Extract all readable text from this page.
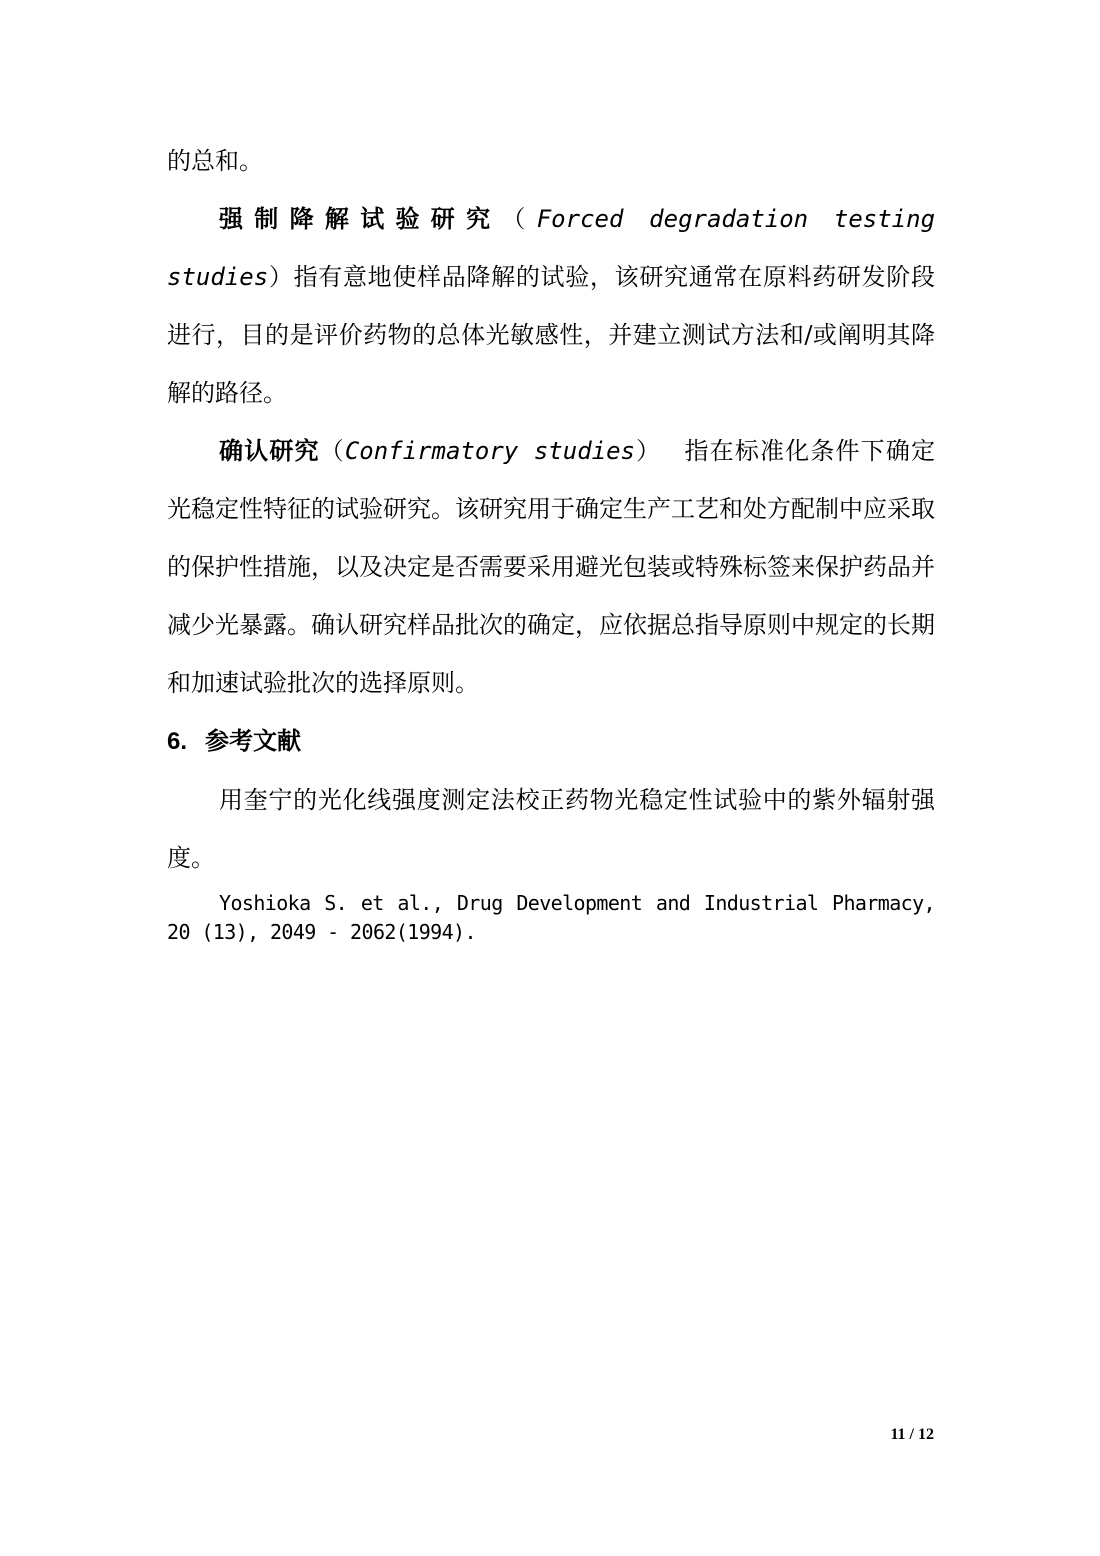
的总和。

强制降解试验研究（Forced degradation testing studies）指有意地使样品降解的试验，该研究通常在原料药研发阶段进行，目的是评价药物的总体光敏感性，并建立测试方法和/或阐明其降解的路径。

确认研究（Confirmatory studies） 指在标准化条件下确定光稳定性特征的试验研究。该研究用于确定生产工艺和处方配制中应采取的保护性措施，以及决定是否需要采用避光包装或特殊标签来保护药品并减少光暴露。确认研究样品批次的确定，应依据总指导原则中规定的长期和加速试验批次的选择原则。

6. 参考文献

用奎宁的光化线强度测定法校正药物光稳定性试验中的紫外辐射强度。

Yoshioka S. et al., Drug Development and Industrial Pharmacy, 20 (13), 2049 - 2062(1994).

11 / 12
